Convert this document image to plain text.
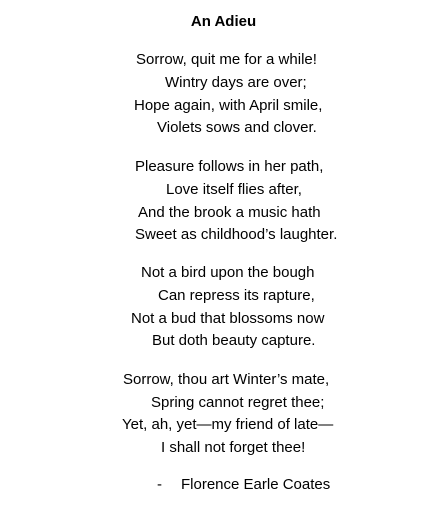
An Adieu
Sorrow, quit me for a while!
Wintry days are over;
Hope again, with April smile,
Violets sows and clover.
Pleasure follows in her path,
Love itself flies after,
And the brook a music hath
Sweet as childhood’s laughter.
Not a bird upon the bough
Can repress its rapture,
Not a bud that blossoms now
But doth beauty capture.
Sorrow, thou art Winter’s mate,
Spring cannot regret thee;
Yet, ah, yet—my friend of late—
I shall not forget thee!
- Florence Earle Coates
